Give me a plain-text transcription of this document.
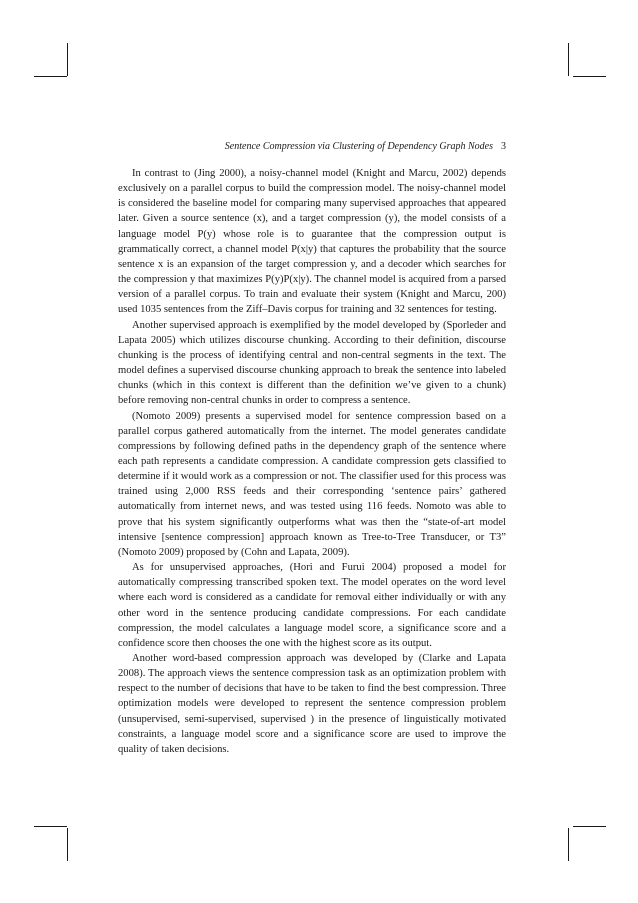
Sentence Compression via Clustering of Dependency Graph Nodes 3

In contrast to (Jing 2000), a noisy-channel model (Knight and Marcu, 2002) depends exclusively on a parallel corpus to build the compression model. The noisy-channel model is considered the baseline model for comparing many supervised approaches that appeared later. Given a source sentence (x), and a target compression (y), the model consists of a language model P(y) whose role is to guarantee that the compression output is grammatically correct, a channel model P(x|y) that captures the probability that the source sentence x is an expansion of the target compression y, and a decoder which searches for the compression y that maximizes P(y)P(x|y). The channel model is acquired from a parsed version of a parallel corpus. To train and evaluate their system (Knight and Marcu, 200) used 1035 sentences from the Ziff–Davis corpus for training and 32 sentences for testing.

Another supervised approach is exemplified by the model developed by (Sporleder and Lapata 2005) which utilizes discourse chunking. According to their definition, discourse chunking is the process of identifying central and non-central segments in the text. The model defines a supervised discourse chunking approach to break the sentence into labeled chunks (which in this context is different than the definition we’ve given to a chunk) before removing non-central chunks in order to compress a sentence.

(Nomoto 2009) presents a supervised model for sentence compression based on a parallel corpus gathered automatically from the internet. The model generates candidate compressions by following defined paths in the dependency graph of the sentence where each path represents a candidate compression. A candidate compression gets classified to determine if it would work as a compression or not. The classifier used for this process was trained using 2,000 RSS feeds and their corresponding ‘sentence pairs’ gathered automatically from internet news, and was tested using 116 feeds. Nomoto was able to prove that his system significantly outperforms what was then the “state-of-art model intensive [sentence compression] approach known as Tree-to-Tree Transducer, or T3” (Nomoto 2009) proposed by (Cohn and Lapata, 2009).

As for unsupervised approaches, (Hori and Furui 2004) proposed a model for automatically compressing transcribed spoken text. The model operates on the word level where each word is considered as a candidate for removal either individually or with any other word in the sentence producing candidate compressions. For each candidate compression, the model calculates a language model score, a significance score and a confidence score then chooses the one with the highest score as its output.

Another word-based compression approach was developed by (Clarke and Lapata 2008). The approach views the sentence compression task as an optimization problem with respect to the number of decisions that have to be taken to find the best compression. Three optimization models were developed to represent the sentence compression problem (unsupervised, semi-supervised, supervised ) in the presence of linguistically motivated constraints, a language model score and a significance score are used to improve the quality of taken decisions.
